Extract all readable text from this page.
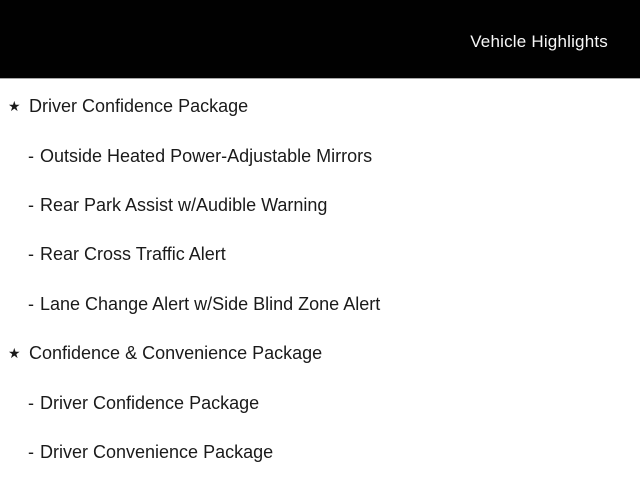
Vehicle Highlights
★ Driver Confidence Package
- Outside Heated Power-Adjustable Mirrors
- Rear Park Assist w/Audible Warning
- Rear Cross Traffic Alert
- Lane Change Alert w/Side Blind Zone Alert
★ Confidence & Convenience Package
- Driver Confidence Package
- Driver Convenience Package
